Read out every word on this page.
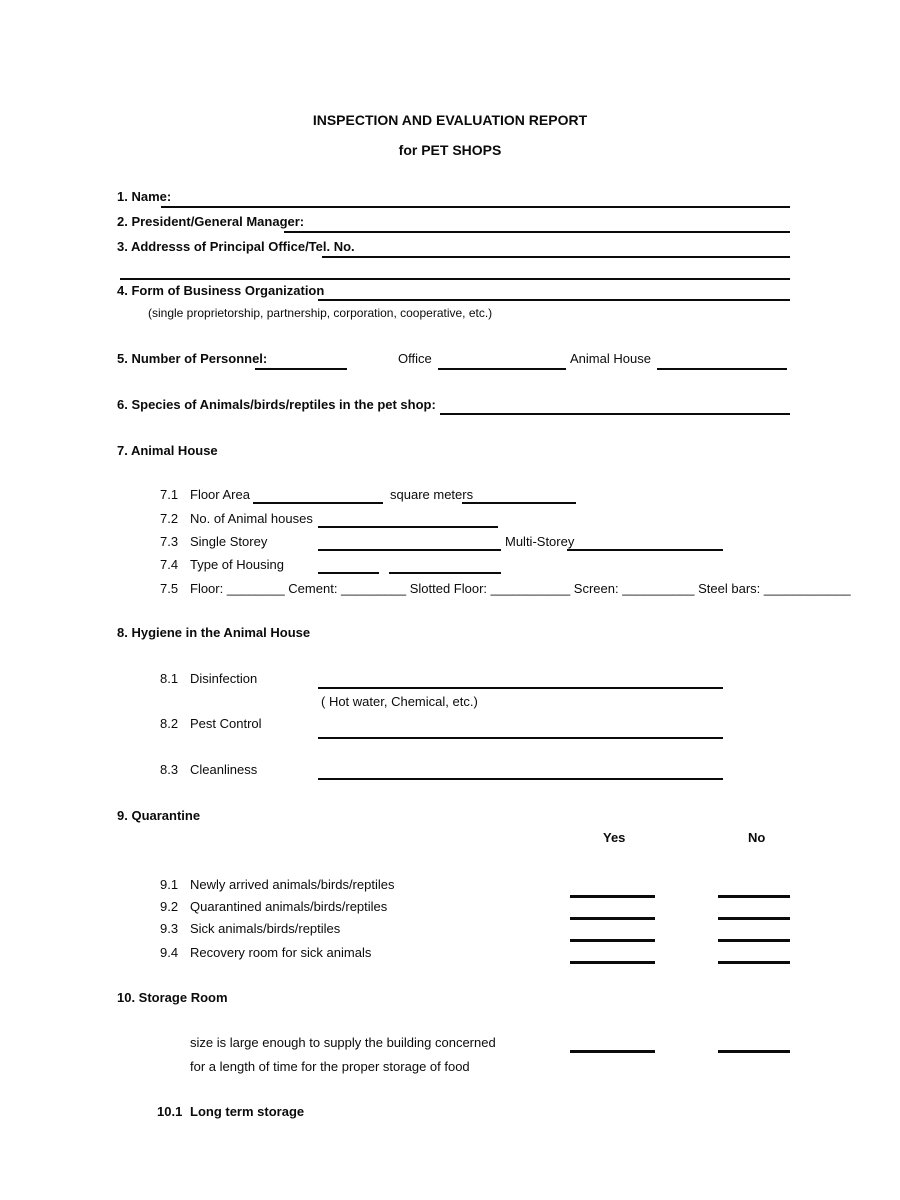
INSPECTION AND EVALUATION REPORT
for PET SHOPS
1. Name:
2. President/General Manager:
3. Addresss of Principal Office/Tel. No.
4. Form of Business Organization
(single proprietorship, partnership, corporation, cooperative, etc.)
5. Number of Personnel:	Office	Animal House
6. Species of Animals/birds/reptiles in the pet shop:
7. Animal House
7.1 Floor Area	square meters
7.2 No. of Animal houses
7.3 Single Storey	Multi-Storey
7.4 Type of Housing
7.5 Floor: ________ Cement: _________ Slotted Floor: ___________ Screen: __________ Steel bars: ____________
8. Hygiene in the Animal House
8.1 Disinfection
( Hot water, Chemical, etc.)
8.2 Pest Control
8.3 Cleanliness
9. Quarantine
Yes	No
9.1 Newly arrived animals/birds/reptiles
9.2 Quarantined animals/birds/reptiles
9.3 Sick animals/birds/reptiles
9.4 Recovery room for sick animals
10. Storage Room
size is large enough to supply the building concerned
for a length of time for the proper storage of food
10.1 Long term storage
